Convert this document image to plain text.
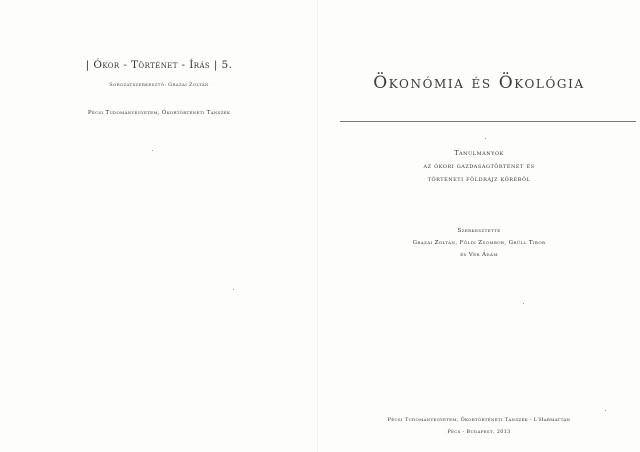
| Ókor - Történet - Írás | 5.
Sorozatszerkesztő: Grazai Zoltán
Pécsi Tudományegyetem, Ókortörténeti Tanszék
Ökonómia és Ökológia
Tanulmányok
az ókori gazdaságtörténet és
történeti földrajz köréből
Szerkesztette
Grazai Zoltán, Földi Zsombor, Grüll Tibor
és Vér Ádám
Pécsi Tudományegyetem, Ókortörténeti Tanszék - L'Harmattan
Pécs - Budapest, 2013
